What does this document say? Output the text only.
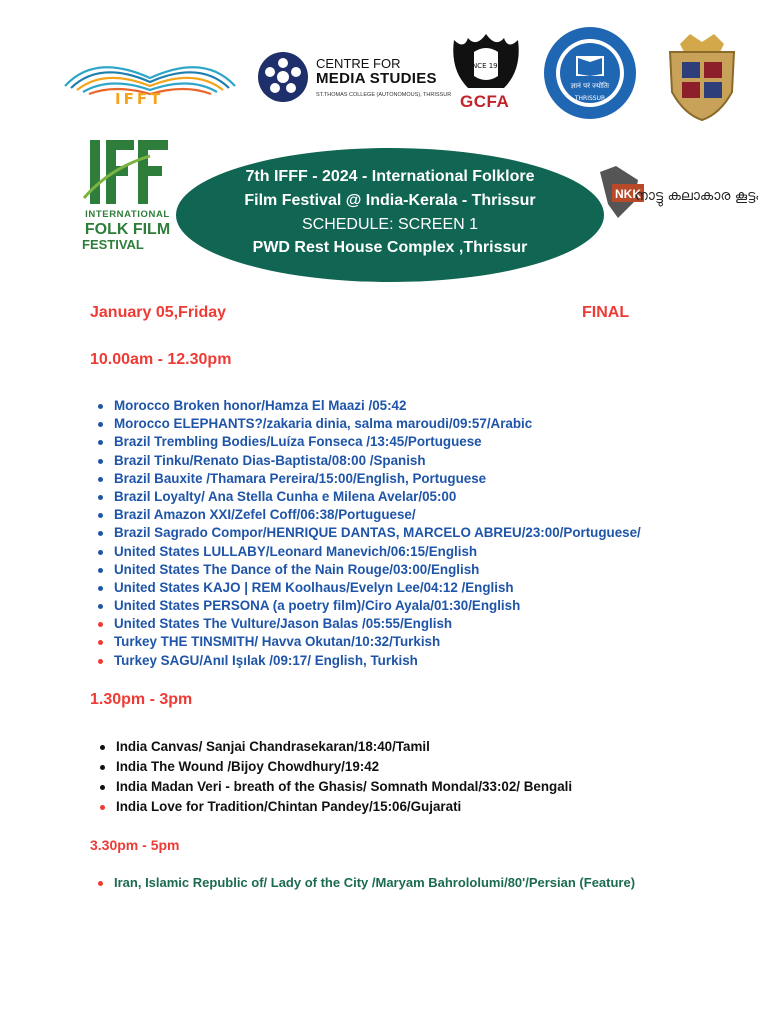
IFFT
CENTRE FOR
MEDIA STUDIES
ST.THOMAS COLLEGE (AUTONOMOUS), THRISSUR
SINCE 1910
GCFA
ज्ञानं परं ज्योतिः
THRISSUR
INTERNATIONAL
FOLK FILM
FESTIVAL
NKK
നാട്ടു കലാകാര കൂട്ടം
7th IFFF - 2024 - International Folklore
Film Festival @ India-Kerala - Thrissur
SCHEDULE: SCREEN 1
PWD Rest House Complex ,Thrissur
January 05,Friday	FINAL
10.00am - 12.30pm
Morocco Broken honor/Hamza El Maazi /05:42
Morocco ELEPHANTS?/zakaria dinia, salma maroudi/09:57/Arabic
Brazil Trembling Bodies/Luíza Fonseca /13:45/Portuguese
Brazil Tinku/Renato Dias-Baptista/08:00 /Spanish
Brazil Bauxite /Thamara Pereira/15:00/English, Portuguese
Brazil Loyalty/ Ana Stella Cunha e Milena Avelar/05:00
Brazil Amazon XXI/Zefel Coff/06:38/Portuguese/
Brazil Sagrado Compor/HENRIQUE DANTAS, MARCELO ABREU/23:00/Portuguese/
United States LULLABY/Leonard Manevich/06:15/English
United States The Dance of the Nain Rouge/03:00/English
United States KAJO | REM Koolhaus/Evelyn Lee/04:12 /English
United States PERSONA (a poetry film)/Ciro Ayala/01:30/English
United States The Vulture/Jason Balas /05:55/English
Turkey THE TINSMITH/ Havva Okutan/10:32/Turkish
Turkey SAGU/Anıl Işılak /09:17/ English, Turkish
1.30pm - 3pm
India Canvas/ Sanjai Chandrasekaran/18:40/Tamil
India The Wound /Bijoy Chowdhury/19:42
India Madan Veri - breath of the Ghasis/ Somnath Mondal/33:02/ Bengali
India Love for Tradition/Chintan Pandey/15:06/Gujarati
3.30pm - 5pm
Iran, Islamic Republic of/ Lady of the City /Maryam Bahrololumi/80'/Persian (Feature)
